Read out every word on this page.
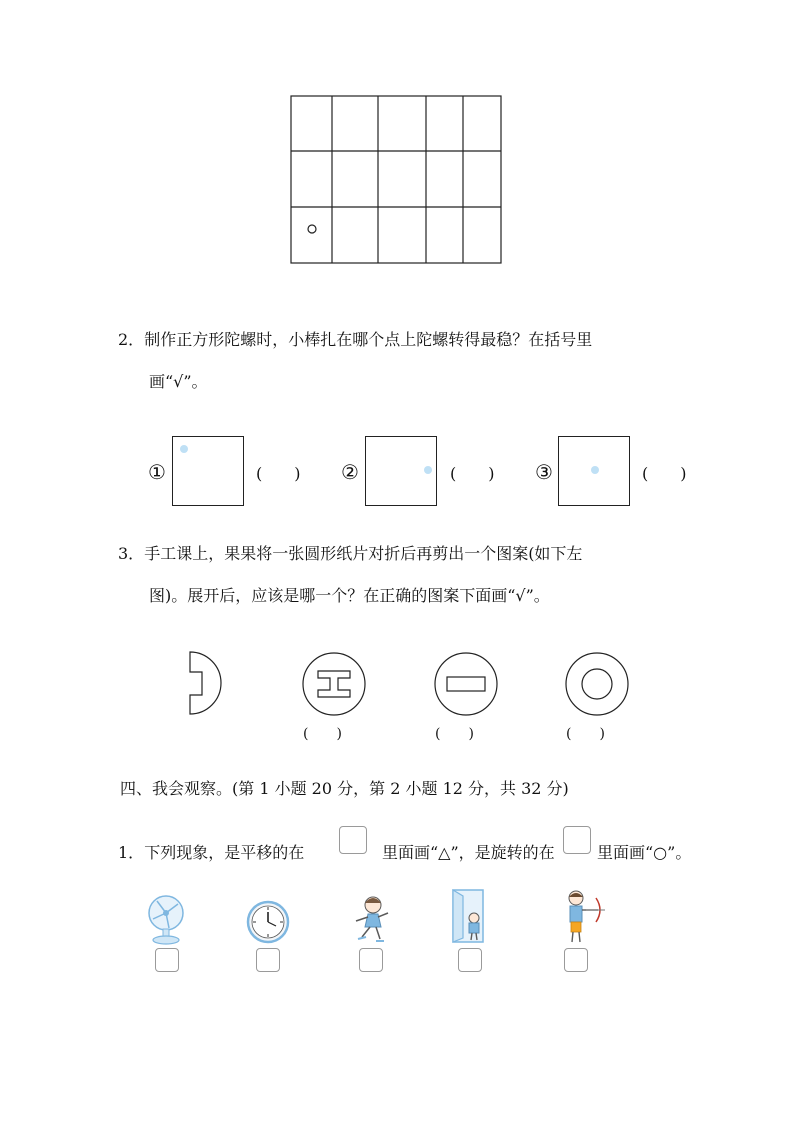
2．制作正方形陀螺时，小棒扎在哪个点上陀螺转得最稳？在括号里
画“√”。
①	(　　) ②	(　　) ③	(　　)
3．手工课上，果果将一张圆形纸片对折后再剪出一个图案(如下左
图)。展开后，应该是哪一个？在正确的图案下面画“√”。
(　　)	(　　)	(　　)
四、我会观察。(第 1 小题 20 分，第 2 小题 12 分，共 32 分)
1．下列现象，是平移的在	里面画“△”，是旋转的在	里面画“○”。
